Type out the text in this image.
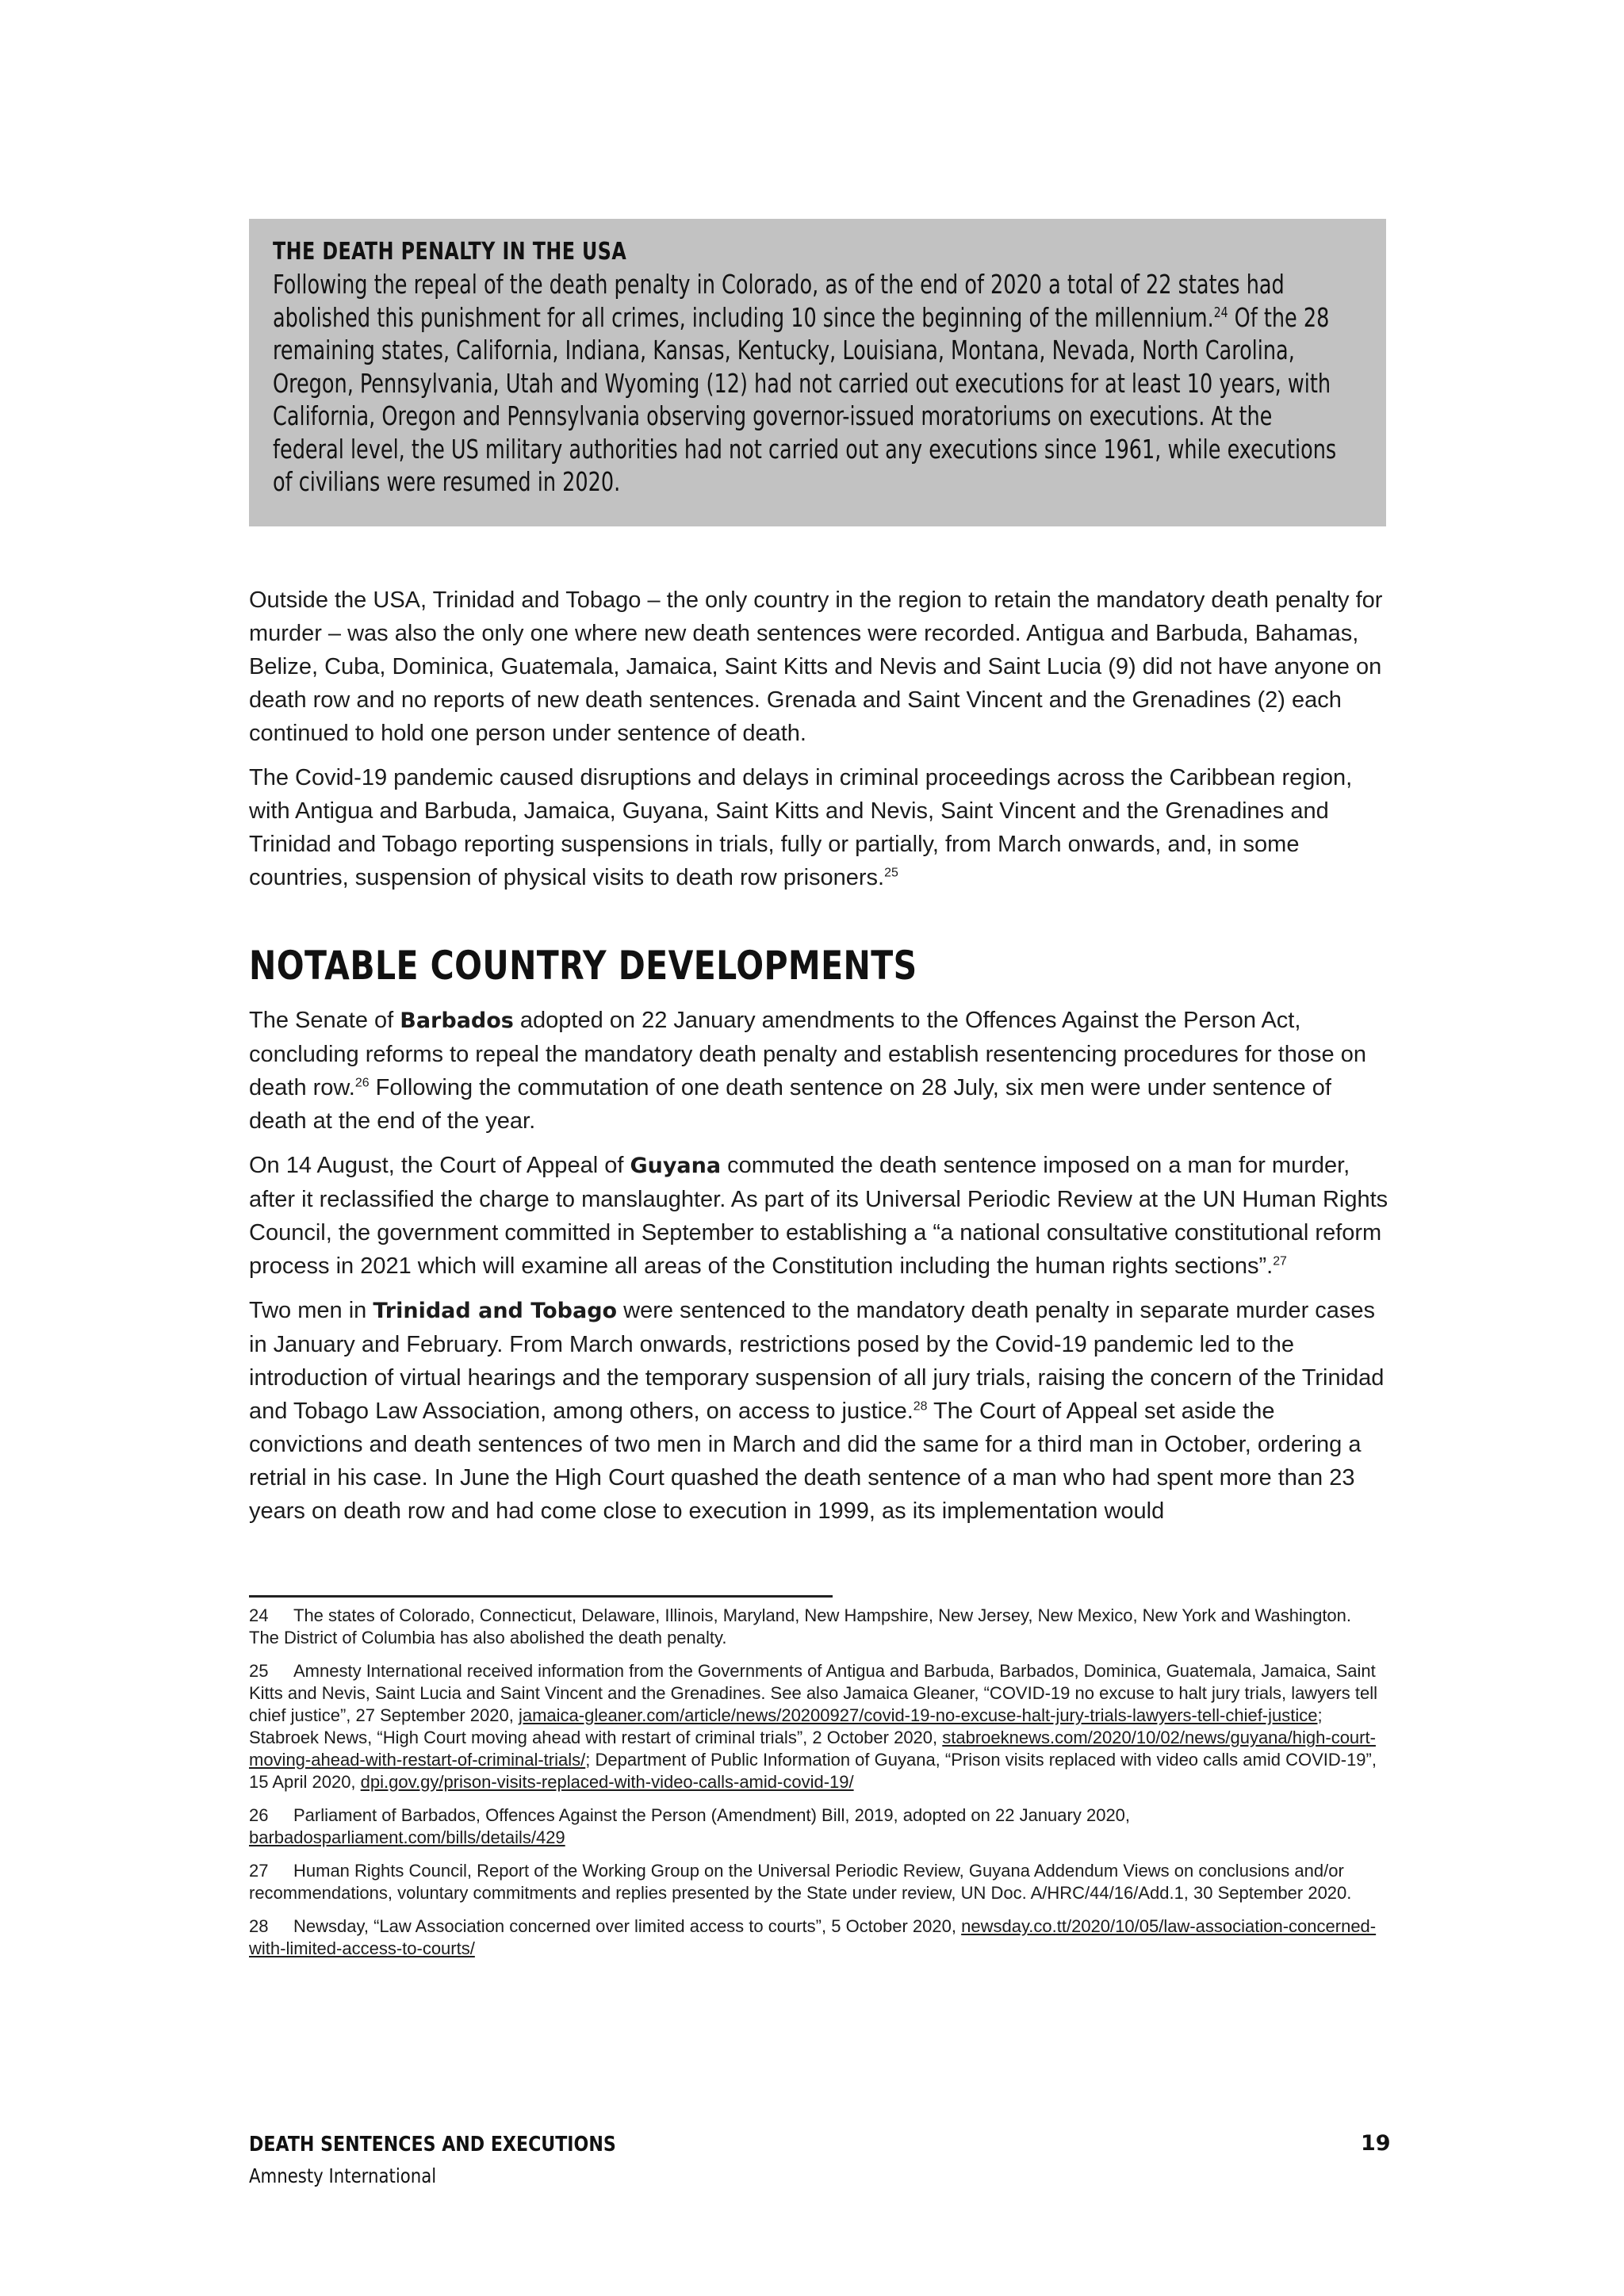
THE DEATH PENALTY IN THE USA

Following the repeal of the death penalty in Colorado, as of the end of 2020 a total of 22 states had abolished this punishment for all crimes, including 10 since the beginning of the millennium.$^{24}$ Of the 28 remaining states, California, Indiana, Kansas, Kentucky, Louisiana, Montana, Nevada, North Carolina, Oregon, Pennsylvania, Utah and Wyoming (12) had not carried out executions for at least 10 years, with California, Oregon and Pennsylvania observing governor-issued moratoriums on executions. At the federal level, the US military authorities had not carried out any executions since 1961, while executions of civilians were resumed in 2020.

Outside the USA, Trinidad and Tobago – the only country in the region to retain the mandatory death penalty for murder – was also the only one where new death sentences were recorded. Antigua and Barbuda, Bahamas, Belize, Cuba, Dominica, Guatemala, Jamaica, Saint Kitts and Nevis and Saint Lucia (9) did not have anyone on death row and no reports of new death sentences. Grenada and Saint Vincent and the Grenadines (2) each continued to hold one person under sentence of death.

The Covid-19 pandemic caused disruptions and delays in criminal proceedings across the Caribbean region, with Antigua and Barbuda, Jamaica, Guyana, Saint Kitts and Nevis, Saint Vincent and the Grenadines and Trinidad and Tobago reporting suspensions in trials, fully or partially, from March onwards, and, in some countries, suspension of physical visits to death row prisoners.$^{25}$

NOTABLE COUNTRY DEVELOPMENTS

The Senate of Barbados adopted on 22 January amendments to the Offences Against the Person Act, concluding reforms to repeal the mandatory death penalty and establish resentencing procedures for those on death row.$^{26}$ Following the commutation of one death sentence on 28 July, six men were under sentence of death at the end of the year.

On 14 August, the Court of Appeal of Guyana commuted the death sentence imposed on a man for murder, after it reclassified the charge to manslaughter. As part of its Universal Periodic Review at the UN Human Rights Council, the government committed in September to establishing a “a national consultative constitutional reform process in 2021 which will examine all areas of the Constitution including the human rights sections”.$^{27}$

Two men in Trinidad and Tobago were sentenced to the mandatory death penalty in separate murder cases in January and February. From March onwards, restrictions posed by the Covid-19 pandemic led to the introduction of virtual hearings and the temporary suspension of all jury trials, raising the concern of the Trinidad and Tobago Law Association, among others, on access to justice.$^{28}$ The Court of Appeal set aside the convictions and death sentences of two men in March and did the same for a third man in October, ordering a retrial in his case. In June the High Court quashed the death sentence of a man who had spent more than 23 years on death row and had come close to execution in 1999, as its implementation would

24 The states of Colorado, Connecticut, Delaware, Illinois, Maryland, New Hampshire, New Jersey, New Mexico, New York and Washington. The District of Columbia has also abolished the death penalty.

25 Amnesty International received information from the Governments of Antigua and Barbuda, Barbados, Dominica, Guatemala, Jamaica, Saint Kitts and Nevis, Saint Lucia and Saint Vincent and the Grenadines. See also Jamaica Gleaner, “COVID-19 no excuse to halt jury trials, lawyers tell chief justice”, 27 September 2020, jamaica-gleaner.com/article/news/20200927/covid-19-no-excuse-halt-jury-trials-lawyers-tell-chief-justice; Stabroek News, “High Court moving ahead with restart of criminal trials”, 2 October 2020, stabroeknews.com/2020/10/02/news/guyana/high-court-moving-ahead-with-restart-of-criminal-trials/; Department of Public Information of Guyana, “Prison visits replaced with video calls amid COVID-19”, 15 April 2020, dpi.gov.gy/prison-visits-replaced-with-video-calls-amid-covid-19/

26 Parliament of Barbados, Offences Against the Person (Amendment) Bill, 2019, adopted on 22 January 2020, barbadosparliament.com/bills/details/429

27 Human Rights Council, Report of the Working Group on the Universal Periodic Review, Guyana Addendum Views on conclusions and/or recommendations, voluntary commitments and replies presented by the State under review, UN Doc. A/HRC/44/16/Add.1, 30 September 2020.

28 Newsday, “Law Association concerned over limited access to courts”, 5 October 2020, newsday.co.tt/2020/10/05/law-association-concerned-with-limited-access-to-courts/

DEATH SENTENCES AND EXECUTIONS

Amnesty International

19
